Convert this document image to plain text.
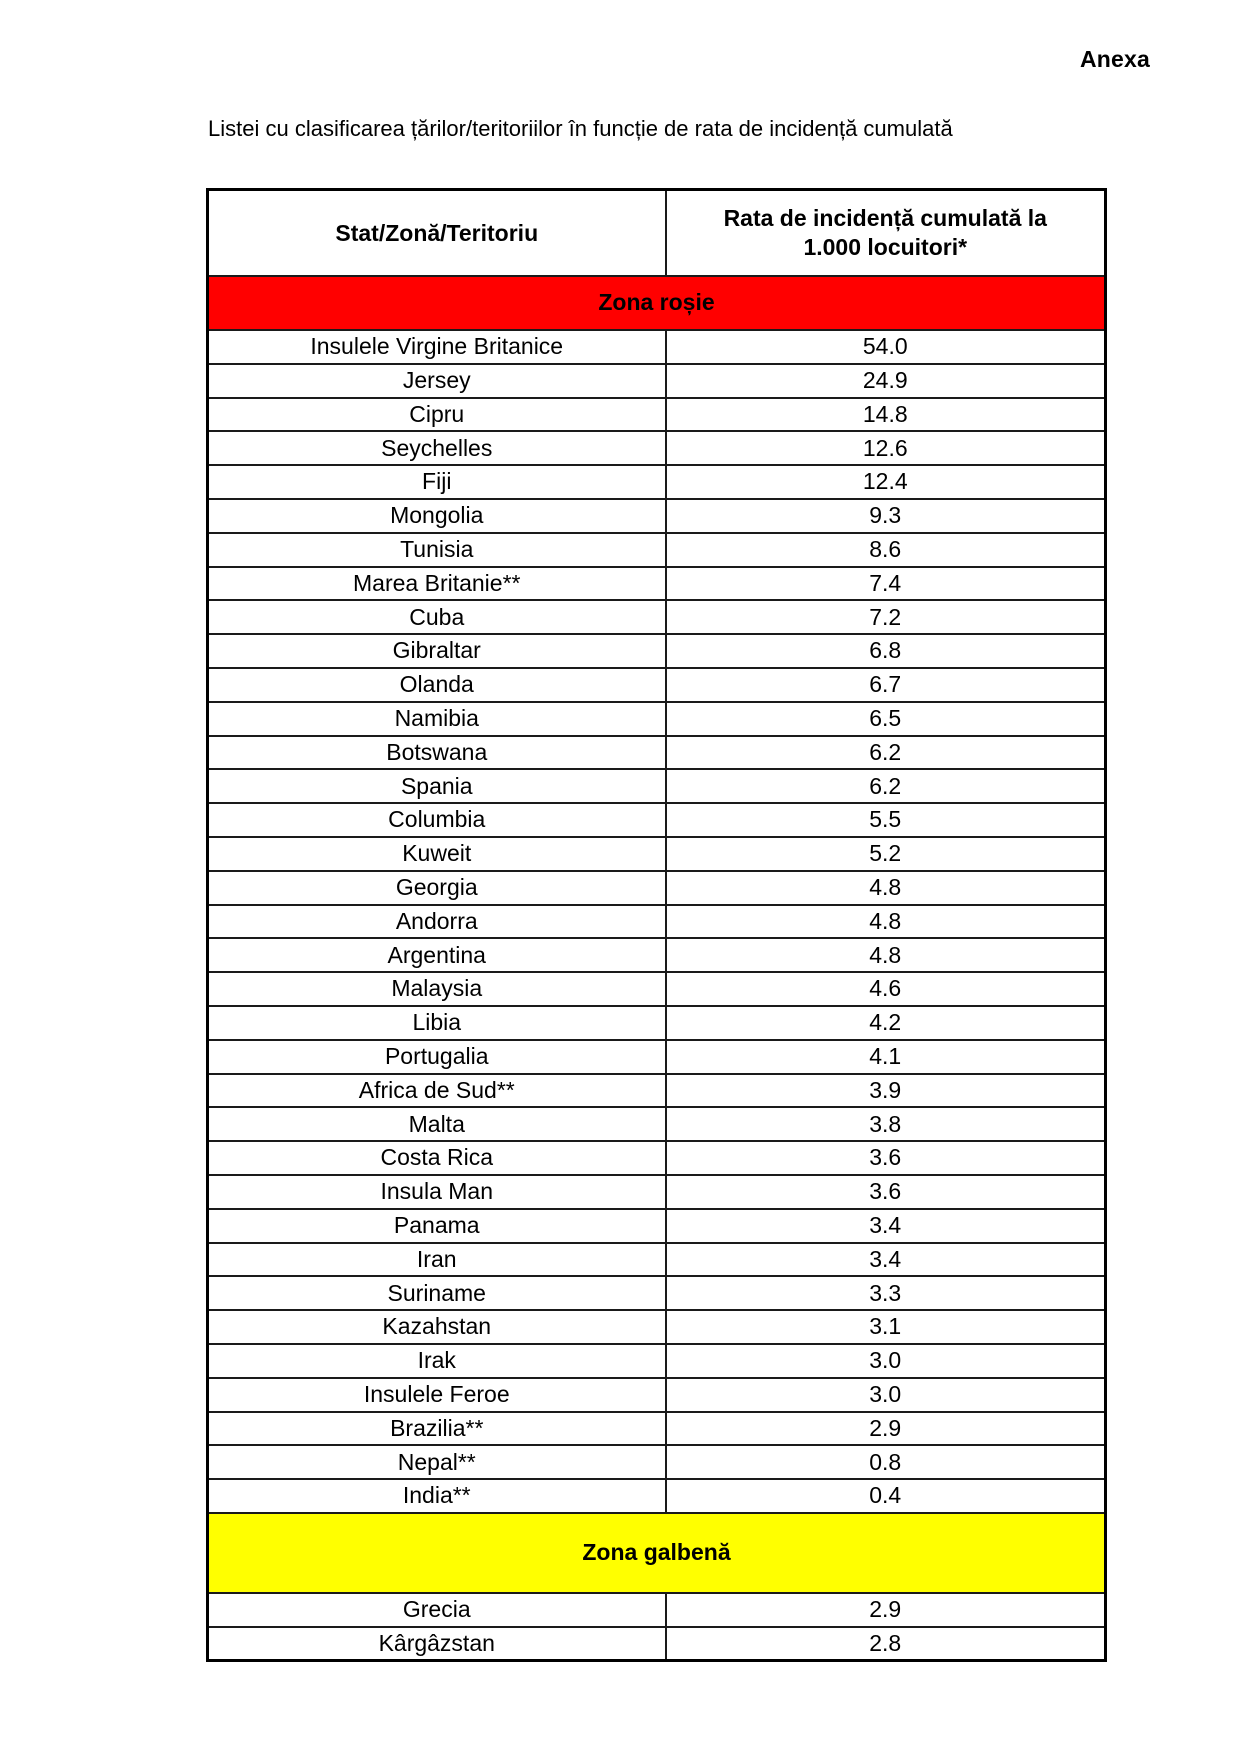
Anexa
Listei cu clasificarea țărilor/teritoriilor în funcție de rata de incidență cumulată
Stat/Zonă/Teritoriu	Rata de incidență cumulată la
1.000 locuitori*

Zona roșie	
Insulele Virgine Britanice	54.0
Jersey	24.9
Cipru	14.8
Seychelles	12.6
Fiji	12.4
Mongolia	9.3
Tunisia	8.6
Marea Britanie**	7.4
Cuba	7.2
Gibraltar	6.8
Olanda	6.7
Namibia	6.5
Botswana	6.2
Spania	6.2
Columbia	5.5
Kuweit	5.2
Georgia	4.8
Andorra	4.8
Argentina	4.8
Malaysia	4.6
Libia	4.2
Portugalia	4.1
Africa de Sud**	3.9
Malta	3.8
Costa Rica	3.6
Insula Man	3.6
Panama	3.4
Iran	3.4
Suriname	3.3
Kazahstan	3.1
Irak	3.0
Insulele Feroe	3.0
Brazilia**	2.9
Nepal**	0.8
India**	0.4
Zona galbenă	
Grecia	2.9
Kârgâzstan	2.8
